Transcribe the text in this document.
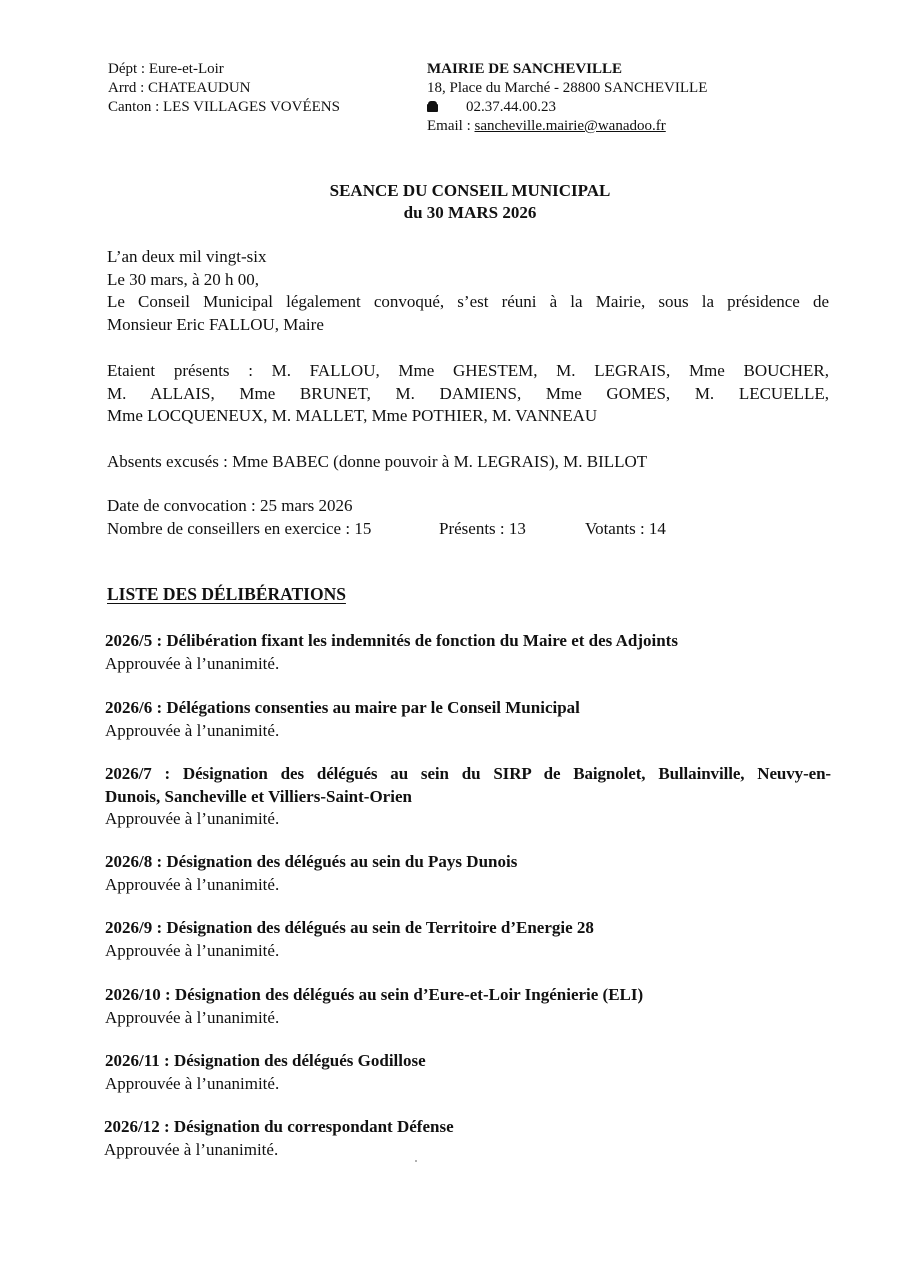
Dépt : Eure-et-Loir
Arrd : CHATEAUDUN
Canton : LES VILLAGES VOVÉENS
MAIRIE DE SANCHEVILLE
18, Place du Marché - 28800 SANCHEVILLE
02.37.44.00.23
Email : sancheville.mairie@wanadoo.fr
SEANCE DU CONSEIL MUNICIPAL
du 30 MARS 2026
L’an deux mil vingt-six
Le 30 mars, à 20 h 00,
Le Conseil Municipal légalement convoqué, s’est réuni à la Mairie, sous la présidence de
Monsieur Eric FALLOU, Maire
Etaient présents : M. FALLOU, Mme GHESTEM, M. LEGRAIS, Mme BOUCHER,
M. ALLAIS, Mme BRUNET, M. DAMIENS, Mme GOMES, M. LECUELLE,
Mme LOCQUENEUX, M. MALLET, Mme POTHIER, M. VANNEAU
Absents excusés : Mme BABEC (donne pouvoir à M. LEGRAIS), M. BILLOT
Date de convocation : 25 mars 2026
Nombre de conseillers en exercice : 15	Présents : 13	Votants : 14
LISTE DES DÉLIBÉRATIONS
2026/5 : Délibération fixant les indemnités de fonction du Maire et des Adjoints
Approuvée à l’unanimité.
2026/6 : Délégations consenties au maire par le Conseil Municipal
Approuvée à l’unanimité.
2026/7 : Désignation des délégués au sein du SIRP de Baignolet, Bullainville, Neuvy-en-
Dunois, Sancheville et Villiers-Saint-Orien
Approuvée à l’unanimité.
2026/8 : Désignation des délégués au sein du Pays Dunois
Approuvée à l’unanimité.
2026/9 : Désignation des délégués au sein de Territoire d’Energie 28
Approuvée à l’unanimité.
2026/10 : Désignation des délégués au sein d’Eure-et-Loir Ingénierie (ELI)
Approuvée à l’unanimité.
2026/11 : Désignation des délégués Godillose
Approuvée à l’unanimité.
2026/12 : Désignation du correspondant Défense
Approuvée à l’unanimité.
